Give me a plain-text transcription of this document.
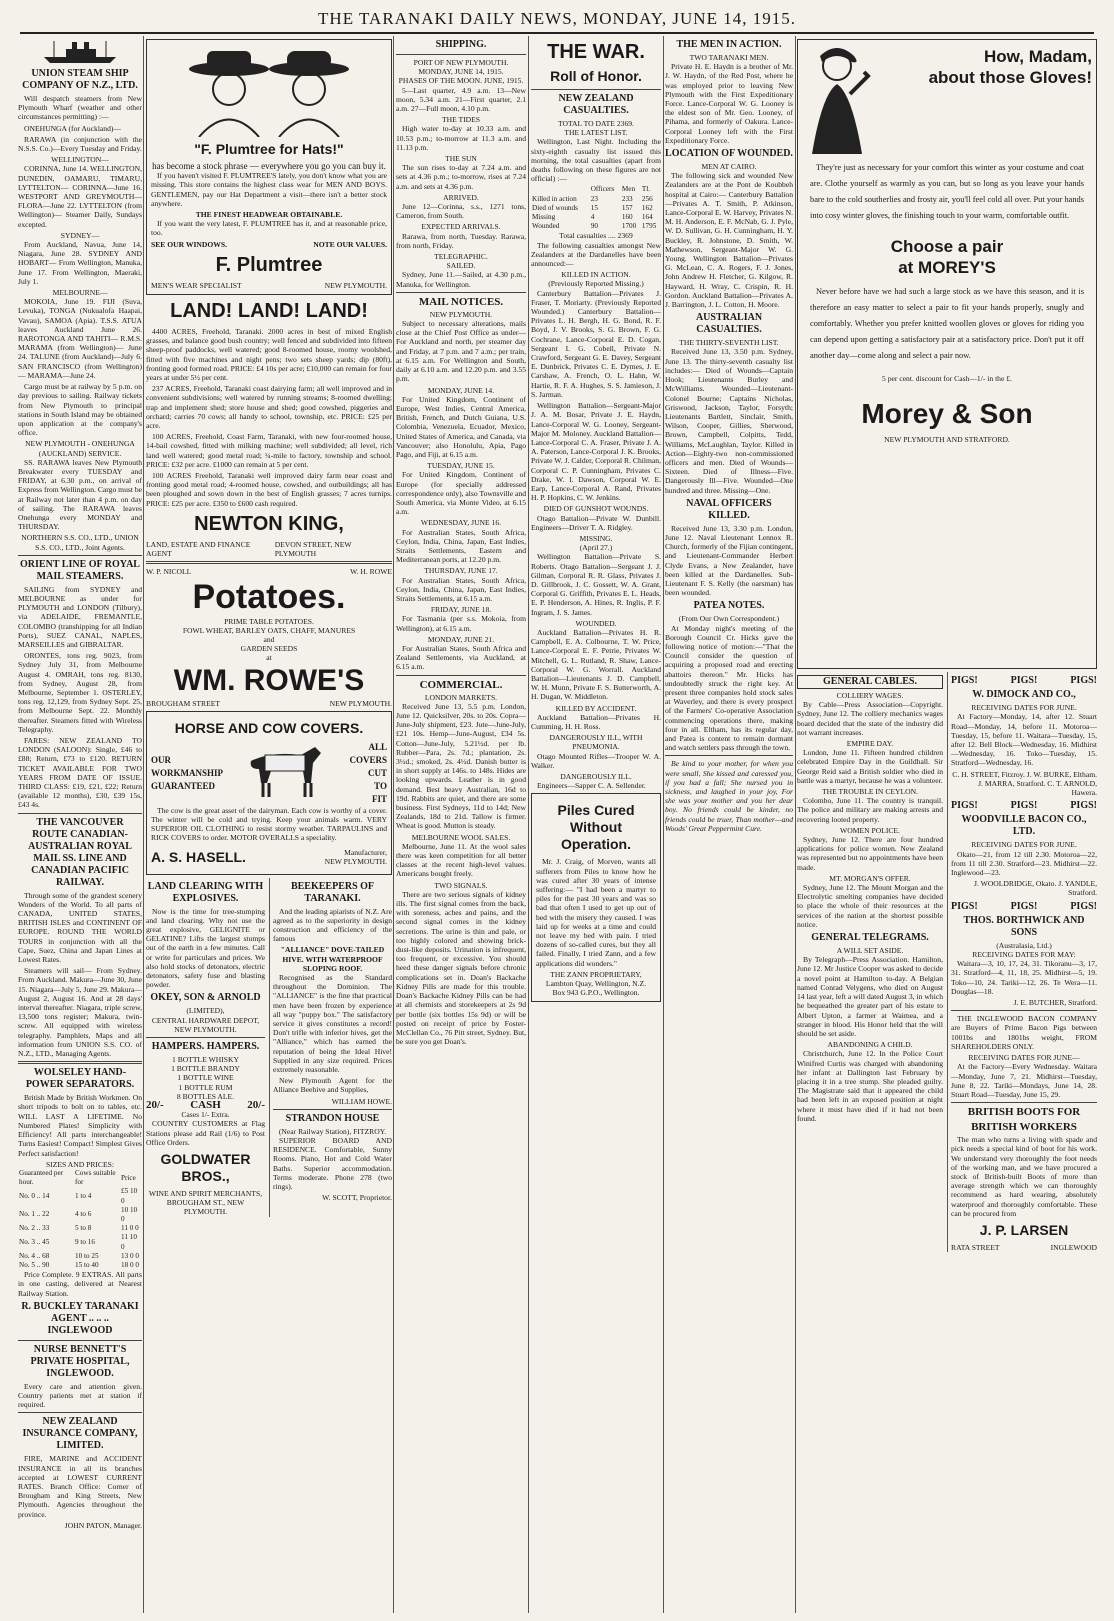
THE TARANAKI DAILY NEWS, MONDAY, JUNE 14, 1915.
UNION STEAM SHIP COMPANY OF N.Z., LTD.
Will despatch steamers from New Plymouth Wharf (weather and other circumstances permitting) :—
ONEHUNGA (for Auckland)—
RARAWA (in conjunction with the N.S.S. Co.)—Every Tuesday and Friday.
WELLINGTON—
CORINNA, June 14. WELLINGTON, DUNEDIN, OAMARU, TIMARU, LYTTELTON— CORINNA—June 16. WESTPORT AND GREYMOUTH— FLORA—June 22. LYTTELTON (from Wellington)— Steamer Daily, Sundays excepted.
SYDNEY—
From Auckland, Navua, June 14, Niagara, June 28. SYDNEY AND HOBART— From Wellington, Manuka, June 17. From Wellington, Maeraki, July 1.
MELBOURNE—
MOKOIA, June 19. FIJI (Suva, Levuka), TONGA (Nukualofa Haapai, Vavau), SAMOA (Apia). T.S.S. ATUA leaves Auckland June 26. RAROTONGA AND TAHITI— R.M.S. MARAMA (from Wellington)— June 24. TALUNE (from Auckland)—July 6. SAN FRANCISCO (from Wellington)— MARAMA—June 24.
Cargo must be at railway by 5 p.m. on day previous to sailing. Railway tickets from New Plymouth to principal stations in South Island may be obtained upon application at the company's office.
NEW PLYMOUTH - ONEHUNGA (AUCKLAND) SERVICE.
SS. RARAWA leaves New Plymouth Breakwater every TUESDAY and FRIDAY, at 6.30 p.m., on arrival of Express from Wellington. Cargo must be at Railway not later than 4 p.m. on day of sailing. The RARAWA leaves Onehunga every MONDAY and THURSDAY.
NORTHERN S.S. CO., LTD., UNION S.S. CO., LTD., Joint Agents.
ORIENT LINE OF ROYAL MAIL STEAMERS.
SAILING from SYDNEY and MELBOURNE as under for PLYMOUTH and LONDON (Tilbury), via ADELAIDE, FREMANTLE, COLOMBO (transhipping for all Indian Ports), SUEZ CANAL, NAPLES, MARSEILLES and GIBRALTAR.
ORONTES, tons reg. 9023, from Sydney July 31, from Melbourne August 4. OMRAH, tons reg. 8130, from Sydney, August 28, from Melbourne, September 1. OSTERLEY, tons reg. 12,129, from Sydney Sept. 25, from Melbourne Sept. 22. Monthly thereafter. Steamers fitted with Wireless Telegraphy.
FARES: NEW ZEALAND TO LONDON (SALOON): Single, £46 to £88; Return, £73 to £120. RETURN TICKET AVAILABLE FOR TWO YEARS FROM DATE OF ISSUE. THIRD CLASS: £19, £21, £22; Return (available 12 months), £30, £39 15s, £43 4s.
THE VANCOUVER ROUTE CANADIAN-AUSTRALIAN ROYAL MAIL SS. LINE AND CANADIAN PACIFIC RAILWAY.
Through some of the grandest scenery Wonders of the World. To all parts of CANADA, UNITED STATES, BRITISH ISLES and CONTINENT OF EUROPE. ROUND THE WORLD TOURS in conjunction with all the Cape, Suez, China and Japan Lines at Lowest Rates.
Steamers will sail— From Sydney. From Auckland. Makura—June 30, June 15. Niagara—July 5, June 29. Makura—August 2, August 16. And at 28 days' interval thereafter. Niagara, triple screw, 13,500 tons register; Makura, twin-screw. All equipped with wireless telegraphy. Pamphlets, Maps and all information from UNION S.S. CO. of N.Z., LTD., Managing Agents.
WOLSELEY HAND-POWER SEPARATORS.
British Made by British Workmen. On short tripods to bolt on to tables, etc. WILL LAST A LIFETIME. No Numbered Plates! Simplicity with Efficiency! All parts interchangeable! Turns Easiest! Compact! Simplest Gives Perfect satisfaction!
SIZES AND PRICES:
Guaranteed per hour.	Cows suitable for	Price
No. 0 .. 14	1 to 4	£5 10 0
No. 1 .. 22	4 to 6	10 10 0
No. 2 .. 33	5 to 8	11 0 0
No. 3 .. 45	9 to 16	11 10 0
No. 4 .. 68	10 to 25	13 0 0
No. 5 .. 90	15 to 40	18 0 0
Price Complete. 9 EXTRAS. All parts in one casting, delivered at Nearest Railway Station.
R. BUCKLEY TARANAKI AGENT .. .. .. INGLEWOOD
NURSE BENNETT'S PRIVATE HOSPITAL, INGLEWOOD.
Every care and attention given. Country patients met at station if required.
NEW ZEALAND INSURANCE COMPANY, LIMITED.
FIRE, MARINE and ACCIDENT INSURANCE in all its branches accepted at LOWEST CURRENT RATES. Branch Office: Corner of Brougham and King Streets, New Plymouth. Agencies throughout the province.
JOHN PATON, Manager.
"F. Plumtree for Hats!"
has become a stock phrase — everywhere you go you can buy it.
If you haven't visited F. PLUMTREE'S lately, you don't know what you are missing. This store contains the highest class wear for MEN AND BOYS. GENTLEMEN, pay our Hat Department a visit—there isn't a better stock anywhere.
THE FINEST HEADWEAR OBTAINABLE.
If you want the very latest, F. PLUMTREE has it, and at reasonable price, too.
SEE OUR WINDOWS.	NOTE OUR VALUES.
F. Plumtree
MEN'S WEAR SPECIALIST	NEW PLYMOUTH.
LAND! LAND! LAND!
4400 ACRES, Freehold, Taranaki. 2000 acres in best of mixed English grasses, and balance good bush country; well fenced and subdivided into fifteen sheep-proof paddocks, well watered; good 8-roomed house, roomy woolshed, fitted with five machines and night pens; two sets sheep yards; dip (80ft), fronting good formed road. PRICE: £4 10s per acre; £10,000 can remain for four years at under 5½ per cent.
237 ACRES, Freehold, Taranaki coast dairying farm; all well improved and in convenient subdivisions; well watered by running streams; 8-roomed dwelling; trap and implement shed; store house and shed; good cowshed, piggeries and orchard; carries 70 cows; all handy to school, township, etc. PRICE: £25 per acre.
100 ACRES, Freehold, Coast Farm, Taranaki, with new four-roomed house, 14-bail cowshed, fitted with milking machine; well subdivided; all level, rich land well watered; good metal road; ¼-mile to factory, township and school. PRICE: £32 per acre. £1000 can remain at 5 per cent.
100 ACRES Freehold, Taranaki well improved dairy farm near coast and fronting good metal road; 4-roomed house, cowshed, and outbuildings; all has been ploughed and sown down in the best of English grasses; 7 acres turnips. PRICE: £25 per acre. £350 to £600 cash required.
NEWTON KING,
LAND, ESTATE AND FINANCE AGENT
DEVON STREET, NEW PLYMOUTH
W. P. NICOLL	W. H. ROWE
Potatoes.
PRIME TABLE POTATOES.
FOWL WHEAT, BARLEY OATS, CHAFF, MANURES
and
GARDEN SEEDS
at
WM. ROWE'S
BROUGHAM STREET	NEW PLYMOUTH.
HORSE AND COW COVERS.
OUR
WORKMANSHIP
GUARANTEED
ALL
COVERS
CUT
TO
FIT
The cow is the great asset of the dairyman. Each cow is worthy of a cover. The winter will be cold and trying. Keep your animals warm. VERY SUPERIOR OIL CLOTHING to resist stormy weather. TARPAULINS and RICK COVERS to order. MOTOR OVERALLS a speciality.
A. S. HASELL.	Manufacturer,
NEW PLYMOUTH.
LAND CLEARING WITH EXPLOSIVES.
Now is the time for tree-stumping and land clearing. Why not use the great explosive, GELIGNITE or GELATINE? Lifts the largest stumps out of the earth in a few minutes. Call or write for particulars and prices. We also hold stocks of detonators, electric detonators, safety fuse and blasting powder.
OKEY, SON & ARNOLD
(LIMITED),
CENTRAL HARDWARE DEPOT, NEW PLYMOUTH.
HAMPERS. HAMPERS.
1 BOTTLE WHISKY
1 BOTTLE BRANDY
1 BOTTLE WINE
1 BOTTLE RUM
8 BOTTLES ALE.
20/- CASH 20/-
Cases 1/- Extra.
COUNTRY CUSTOMERS at Flag Stations please add Rail (1/6) to Post Office Orders.
GOLDWATER BROS.,
WINE AND SPIRIT MERCHANTS,
BROUGHAM ST., NEW PLYMOUTH.
BEEKEEPERS OF TARANAKI.
And the leading apiarists of N.Z. Are agreed as to the superiority in design construction and efficiency of the famous
"ALLIANCE" DOVE-TAILED HIVE. WITH WATERPROOF SLOPING ROOF.
Recognised as the Standard throughout the Dominion. The "ALLIANCE" is the fine that practical men have been frozen by experience all way "puppy box." The satisfactory service it gives constitutes a record! Don't trifle with inferior hives, get the "Alliance," which has earned the reputation of being the Ideal Hive! Supplied in any size required. Prices extremely reasonable.
New Plymouth Agent for the Alliance Beehive and Supplies,
WILLIAM HOWE.
STRANDON HOUSE
(Near Railway Station), FITZROY.
SUPERIOR BOARD AND RESIDENCE. Comfortable, Sunny Rooms. Piano, Hot and Cold Water Baths. Superior accommodation. Terms moderate. Phone 278 (two rings).
W. SCOTT, Proprietor.
SHIPPING.
PORT OF NEW PLYMOUTH.
MONDAY, JUNE 14, 1915.
PHASES OF THE MOON. JUNE, 1915.
5—Last quarter, 4.9 a.m. 13—New moon, 5.34 a.m. 21—First quarter, 2.1 a.m. 27—Full moon, 4.10 p.m.
THE TIDES
High water to-day at 10.33 a.m. and 10.53 p.m.; to-morrow at 11.3 a.m. and 11.13 p.m.
THE SUN
The sun rises to-day at 7.24 a.m. and sets at 4.36 p.m.; to-morrow, rises at 7.24 a.m. and sets at 4.36 p.m.
ARRIVED.
June 12—Corinna, s.s., 1271 tons, Cameron, from South.
EXPECTED ARRIVALS.
Rarawa, from north, Tuesday. Rarawa, from north, Friday.
TELEGRAPHIC.
SAILED.
Sydney, June 11.—Sailed, at 4.30 p.m., Manuka, for Wellington.
MAIL NOTICES.
NEW PLYMOUTH.
Subject to necessary alterations, mails close at the Chief Post Office as under— For Auckland and north, per steamer day and Friday, at 7 p.m. and 7 a.m.; per train, at 6.15 a.m. For Wellington and South, daily at 6.10 a.m. and 12.20 p.m. and 3.55 p.m.
MONDAY, JUNE 14.
For United Kingdom, Continent of Europe, West Indies, Central America, British, French, and Dutch Guiana, U.S. Colombia, Venezuela, Ecuador, Mexico, United States of America, and Canada, via Vancouver; also Honolulu, Apia, Pago Pago, and Fiji, at 6.15 a.m.
TUESDAY, JUNE 15.
For United Kingdom, Continent of Europe (for specially addressed correspondence only), also Townsville and South America, via Monte Video, at 6.15 a.m.
WEDNESDAY, JUNE 16.
For Australian States, South Africa, Ceylon, India, China, Japan, East Indies, Straits Settlements, Eastern and Mediterranean ports, at 12.20 p.m.
THURSDAY, JUNE 17.
For Australian States, South Africa, Ceylon, India, China, Japan, East Indies, Straits Settlements, at 6.15 a.m.
FRIDAY, JUNE 18.
For Tasmania (per s.s. Mokoia, from Wellington), at 6.15 a.m.
MONDAY, JUNE 21.
For Australian States, South Africa and Zealand Settlements, via Auckland, at 6.15 a.m.
COMMERCIAL.
LONDON MARKETS.
Received June 13, 5.5 p.m. London, June 12. Quicksilver, 20s. to 20s. Copra—June-July shipment, £23. Jute—June-July, £21 10s. Hemp—June-August, £34 5s. Cotton—June-July, 5.21½d. per lb. Rubber—Para, 2s. 7d.; plantation, 2s. 3½d.; smoked, 2s. 4½d. Danish butter is in short supply at 146s. to 148s. Hides are looking upwards. Leather is in good demand. Best heavy Australian, 16d to 19d. Rabbits are quiet, and there are some business. First Sydneys, 11d to 14d; New Zealands, 18d to 21d. Tallow is firmer. Wheat is good. Mutton is steady.
MELBOURNE WOOL SALES.
Melbourne, June 11. At the wool sales there was keen competition for all better classes at the recent high-level values. Americans bought freely.
TWO SIGNALS.
There are two serious signals of kidney ills. The first signal comes from the back, with soreness, aches and pains, and the second signal comes in the kidney secretions. The urine is thin and pale, or too highly colored and showing brick-dust-like deposits. Urination is infrequent, too frequent, or excessive. You should heed these danger signals before chronic complications set in. Doan's Backache Kidney Pills are made for this trouble. Doan's Backache Kidney Pills can be had at all chemists and storekeepers at 2s 9d per bottle (six bottles 15s 9d) or will be posted on receipt of price by Foster-McClellan Co., 76 Pitt street, Sydney. But, be sure you get Doan's.
THE WAR.
Roll of Honor.
NEW ZEALAND CASUALTIES.
TOTAL TO DATE 2369.
THE LATEST LIST.
Wellington, Last Night. Including the sixty-eighth casualty list issued this morning, the total casualties (apart from deaths following on these figures are not official) :—
	Officers	Men	Tl.
Killed in action	23	233	256
Died of wounds	15	157	162
Missing	4	160	164
Wounded	90	1700	1795
Total casualties .... 2369
The following casualties amongst New Zealanders at the Dardanelles have been announced:—
KILLED IN ACTION.
(Previously Reported Missing.)
Canterbury Battalion—Privates J. Fraser, T. Moriarty. (Previously Reported Wounded.) Canterbury Battalion—Privates L. H. Bergh, H. G. Bond, R. F. Boyd, J. V. Brooks, S. G. Brown, F. G. Cochrane, Lance-Corporal E. D. Cogan, Sergeant I. G. Cobell, Private N. Crawford, Sergeant G. E. Davey, Sergeant E. Dunbrick, Privates C. E. Dymes, J. E. Carshaw, A. French, O. L. Hahn, W. Hartie, R. F. A. Hughes, S. S. Jamieson, J. S. Jarman.
Wellington Battalion—Sergeant-Major J. A. M. Bosar, Private J. E. Haydn, Lance-Corporal W. G. Looney, Sergeant-Major M. Moloney. Auckland Battalion—Lance-Corporal C. A. Fraser, Private J. A. A. Paterson, Lance-Corporal J. K. Brooks, Private W. J. Calder, Corporal R. Chilman, Corporal C. P. Cunningham, Privates C. Drake, W. I. Dawson, Corporal W. E. Earp, Lance-Corporal A. Rand, Privates H. P. Hopkins, C. W. Jenkins.
DIED OF GUNSHOT WOUNDS.
Otago Battalion—Private W. Dunbill. Engineers—Driver T. A. Ridgley.
MISSING.
(April 27.)
Wellington Battalion—Private S. Roberts. Otago Battalion—Sergeant J. J. Gilman, Corporal R. R. Glass, Privates J. D. Gillbrook, J. C. Gossett, W. A. Grant, Corporal G. Griffith, Privates E. L. Heads, E. P. Henderson, A. Hines, R. Inglis, P. F. Ingram, J. S. James.
WOUNDED.
Auckland Battalion—Privates H. R. Campbell, E. A. Colbourne, T. W. Price, Lance-Corporal E. F. Petrie, Privates W. Mitchell, G. L. Rutland, R. Shaw, Lance-Corporal W. G. Worrall. Auckland Battalion—Lieutenants J. D. Campbell, W. H. Munn, Private F. S. Butterworth, A. H. Dugan, W. Middleton.
KILLED BY ACCIDENT.
Auckland Battalion—Privates H. Cumming, H. H. Ross.
DANGEROUSLY ILL, WITH PNEUMONIA.
Otago Mounted Rifles—Trooper W. A. Walker.
DANGEROUSLY ILL.
Engineers—Sapper C. A. Sellender.
Piles Cured Without Operation.
Mr. J. Craig, of Morven, wants all sufferers from Piles to know how he was cured after 30 years of intense suffering:— "I had been a martyr to piles for the past 30 years and was so bad that often I used to get up out of bed with the misery they caused. I was laid up for weeks at a time and could not leave my bed with pain. I tried dozens of so-called cures, but they all failed. Finally, I tried Zann, and a few applications did wonders."
THE ZANN PROPRIETARY, Lambton Quay, Wellington, N.Z.
Box 943 G.P.O., Wellington.
THE MEN IN ACTION.
TWO TARANAKI MEN.
Private H. E. Haydn is a brother of Mr. J. W. Haydn, of the Red Post, where he was employed prior to leaving New Plymouth with the First Expeditionary Force. Lance-Corporal W. G. Looney is the eldest son of Mr. Geo. Looney, of Pihama, and formerly of Oakura. Lance-Corporal Looney left with the First Expeditionary Force.
LOCATION OF WOUNDED.
MEN AT CAIRO.
The following sick and wounded New Zealanders are at the Pont de Koubbeh hospital at Cairo:— Canterbury Battalion—Privates A. T. Smith, P. Atkinson, Lance-Corporal E. W. Harvey, Privates N. M. H. Anderson, E. F. McNab, G. J. Pyle, W. D. Sullivan, G. H. Cunningham, H. Y. Buckley, R. Johnstone, D. Smith, W. Mathewson, Sergeant-Major W. G. Young. Wellington Battalion—Privates G. McLean, C. A. Rogers, F. J. Jones, John Andrew H. Fletcher, G. Kilgow, R. Hayward, H. Wray, C. Crispin, R. H. Gordon. Auckland Battalion—Privates A. J. Barrington, J. L. Cotton, H. Moore.
AUSTRALIAN CASUALTIES.
THE THIRTY-SEVENTH LIST.
Received June 13, 3.50 p.m. Sydney, June 13. The thirty-seventh casualty list includes:— Died of Wounds—Captain Hook; Lieutenants Burley and McWilliams. Wounded—Lieutenant-Colonel Bourne; Captains Nicholas, Griswood, Jackson, Taylor, Forsyth; Lieutenants Bartlett, Sinclair, Smith, Wilson, Cooper, Gillies, Sherwood, Brown, Campbell, Colpitts, Tedd, Williams, McLaughlan, Taylor. Killed in Action—Eighty-two non-commissioned officers and men. Died of Wounds—Sixteen. Died of Illness—Five. Dangerously Ill—Five. Wounded—One hundred and three. Missing—One.
NAVAL OFFICERS KILLED.
Received June 13, 3.30 p.m. London, June 12. Naval Lieutenant Lennox R. Church, formerly of the Fijian contingent, and Lieutenant-Commander Herbert Clyde Evans, a New Zealander, have been killed at the Dardanelles. Sub-Lieutenant F. S. Kelly (the oarsman) has been wounded.
PATEA NOTES.
(From Our Own Correspondent.)
At Monday night's meeting of the Borough Council Cr. Hicks gave the following notice of motion:—"That the Council consider the question of acquiring a proposed road and erecting abattoirs thereon." Mr. Hicks has undoubtedly struck the right key. At present three companies hold stock sales at Waverley, and there is every prospect of the Farmers' Co-operative Association commencing operations there, making four in all. Eltham, has its regular day, and Patea is content to remain dormant and watch settlers pass through the town.
Be kind to your mother, for when you were small, She kissed and caressed you, if you had a fall; She nursed you in sickness, and laughed in your joy, For she was your mother and you her dear boy. No friends could be kinder, no friends could be truer, Than mother—and Woods' Great Peppermint Cure.
How, Madam,
about those Gloves!
They're just as necessary for your comfort this winter as your costume and coat are. Clothe yourself as warmly as you can, but so long as you leave your hands bare to the cold southerlies and frosty air, you'll feel cold all over. Put your hands into cosy winter gloves, the finishing touch to your warm, comfortable outfit.
Choose a pair
at MOREY'S
Never before have we had such a large stock as we have this season, and it is therefore an easy matter to select a pair to fit your hands properly, snugly and comfortably. Whether you prefer knitted woollen gloves or gloves for riding you can depend upon getting a satisfactory pair at a satisfactory price. Don't put it off another day—come along and select a pair now.
5 per cent. discount for Cash—1/- in the £.
Morey & Son
NEW PLYMOUTH AND STRATFORD.
GENERAL CABLES.
COLLIERY WAGES.
By Cable—Press Association—Copyright. Sydney, June 12. The colliery mechanics wages board decided that the state of the industry did not warrant increases.
EMPIRE DAY.
London, June 11. Fifteen hundred children celebrated Empire Day in the Guildhall. Sir George Reid said a British soldier who died in battle was a martyr, because he was a volunteer.
THE TROUBLE IN CEYLON.
Colombo, June 11. The country is tranquil. The police and military are making arrests and recovering looted property.
WOMEN POLICE.
Sydney, June 12. There are four hundred applications for police women. New Zealand was represented but no appointments have been made.
MT. MORGAN'S OFFER.
Sydney, June 12. The Mount Morgan and the Electrolytic smelting companies have decided to place the whole of their resources at the services of the nation at the shortest possible notice.
GENERAL TELEGRAMS.
A WILL SET ASIDE.
By Telegraph—Press Association. Hamilton, June 12. Mr Justice Cooper was asked to decide a novel point at Hamilton to-day. A Belgian named Conrad Velygens, who died on August 14 last year, left a will dated August 3, in which he bequeathed the greater part of his estate to Albert Upton, a farmer at Waimea, and a stranger in blood. His Honor held that the will should be set aside.
ABANDONING A CHILD.
Christchurch, June 12. In the Police Court Winifred Curtis was charged with abandoning her infant at Dallington last February by placing it in a tree stump. She pleaded guilty. The Magistrate said that it appeared the child had been left in an exposed position at night where it must have died if it had not been found.
PIGS!	PIGS!	PIGS!
W. DIMOCK AND CO.,
RECEIVING DATES FOR JUNE.
At Factory—Monday, 14, after 12. Stuart Road—Monday, 14, before 11. Motoroa—Tuesday, 15, before 11. Waitara—Tuesday, 15, after 12. Bell Block—Wednesday, 16. Midhirst—Wednesday, 16. Toko—Tuesday, 15. Stratford—Wednesday, 16.
C. H. STREET, Fitzroy. J. W. BURKE, Eltham. J. MARRA, Stratford. C. T. ARNOLD, Hawera.
PIGS!	PIGS!	PIGS!
WOODVILLE BACON CO., LTD.
RECEIVING DATES FOR JUNE.
Okato—21, from 12 till 2.30. Motoroa—22, from 11 till 2.30. Stratford—23. Midhirst—22. Inglewood—23.
J. WOOLDRIDGE, Okato. J. YANDLE, Stratford.
PIGS!	PIGS!	PIGS!
THOS. BORTHWICK AND SONS
(Australasia, Ltd.)
RECEIVING DATES FOR MAY:
Waitara—3, 10, 17, 24, 31. Tikoranu—3, 17, 31. Stratford—4, 11, 18, 25. Midhirst—5, 19. Toko—10, 24. Tariki—12, 26. Te Wera—11. Douglas—18.
J. E. BUTCHER, Stratford.
THE INGLEWOOD BACON COMPANY are Buyers of Prime Bacon Pigs between 1001bs and 1801bs weight, FROM SHAREHOLDERS ONLY.
RECEIVING DATES FOR JUNE—
At the Factory—Every Wednesday. Waitara—Monday, June 7, 21. Midhirst—Tuesday, June 8, 22. Tariki—Mondays, June 14, 28. Stuart Road—Tuesday, June 15, 29.
BRITISH BOOTS FOR
BRITISH WORKERS
The man who turns a living with spade and pick needs a special kind of boot for his work. We understand very thoroughly the foot needs of the working man, and we have procured a stock of British-built Boots of more than average strength which we can thoroughly recommend as hard wearing, absolutely waterproof and thoroughly comfortable. These can be procured from
J. P. LARSEN
RATA STREET	INGLEWOOD
